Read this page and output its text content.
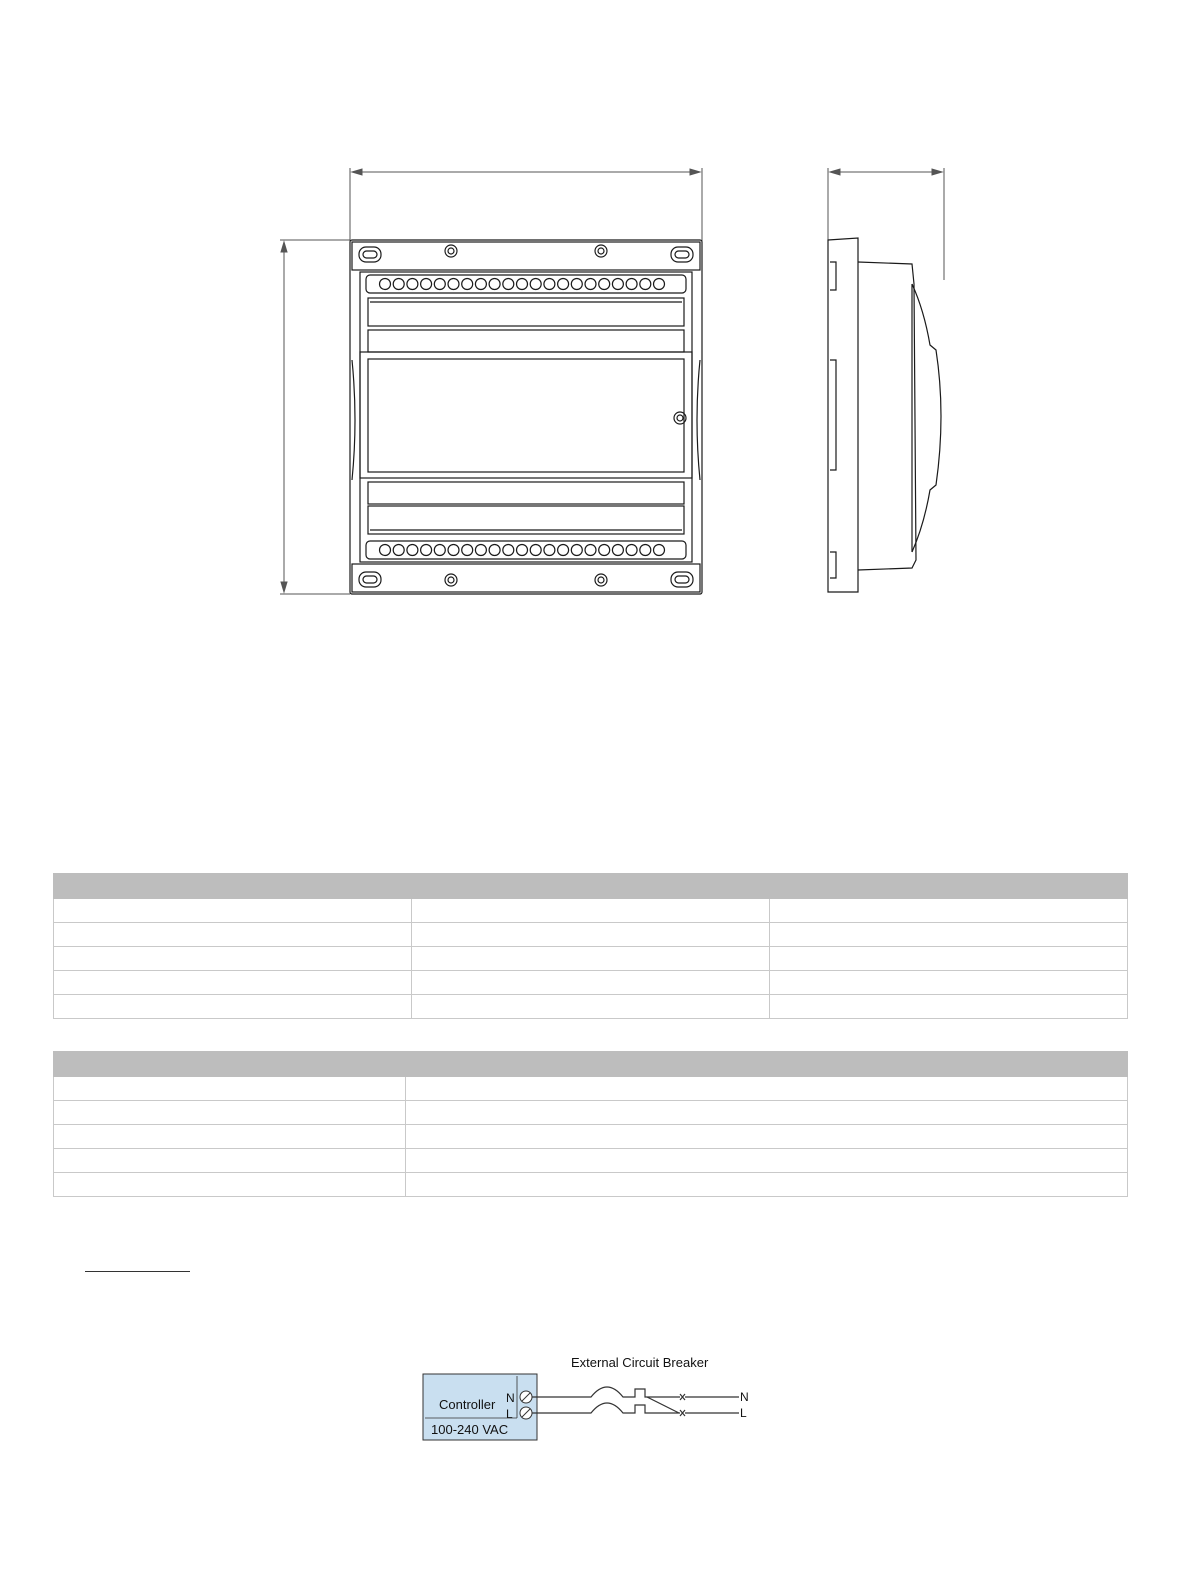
External Circuit Breaker
Controller
100-240 VAC
N
L
N
L
